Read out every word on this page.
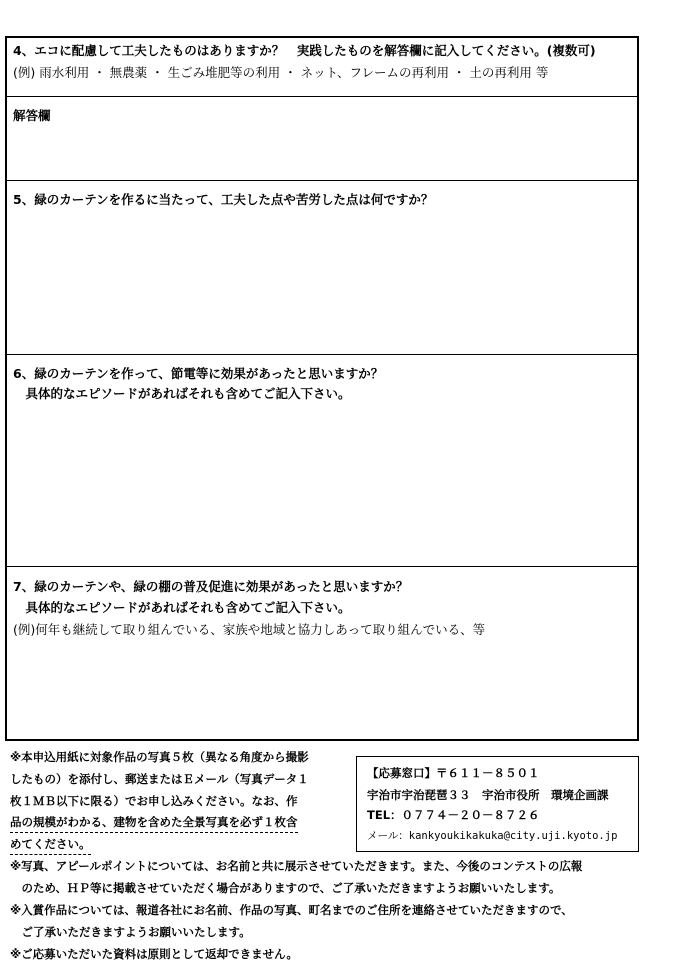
4、エコに配慮して工夫したものはありますか？　実践したものを解答欄に記入してください。(複数可)
(例) 雨水利用 ・ 無農薬 ・ 生ごみ堆肥等の利用 ・ ネット、フレームの再利用 ・ 土の再利用 等
解答欄
5、緑のカーテンを作るに当たって、工夫した点や苦労した点は何ですか？
6、緑のカーテンを作って、節電等に効果があったと思いますか？
　具体的なエピソードがあればそれも含めてご記入下さい。
7、緑のカーテンや、緑の棚の普及促進に効果があったと思いますか？
　具体的なエピソードがあればそれも含めてご記入下さい。
(例)何年も継続して取り組んでいる、家族や地域と協力しあって取り組んでいる、等
※本申込用紙に対象作品の写真５枚（異なる角度から撮影
したもの）を添付し、郵送またはＥメール（写真データ１
枚１ＭＢ以下に限る）でお申し込みください。なお、作
品の規模がわかる、建物を含めた全景写真を必ず１枚含
めてください。
【応募窓口】〒６１１－８５０１
宇治市宇治琵琶３３　宇治市役所　環境企画課
TEL：０７７４－２０－８７２６
メール：kankyoukikakuka@city.uji.kyoto.jp
※写真、アピールポイントについては、お名前と共に展示させていただきます。また、今後のコンテストの広報
　のため、ＨＰ等に掲載させていただく場合がありますので、ご了承いただきますようお願いいたします。
※入賞作品については、報道各社にお名前、作品の写真、町名までのご住所を連絡させていただきますので、
　ご了承いただきますようお願いいたします。
※ご応募いただいた資料は原則として返却できません。
